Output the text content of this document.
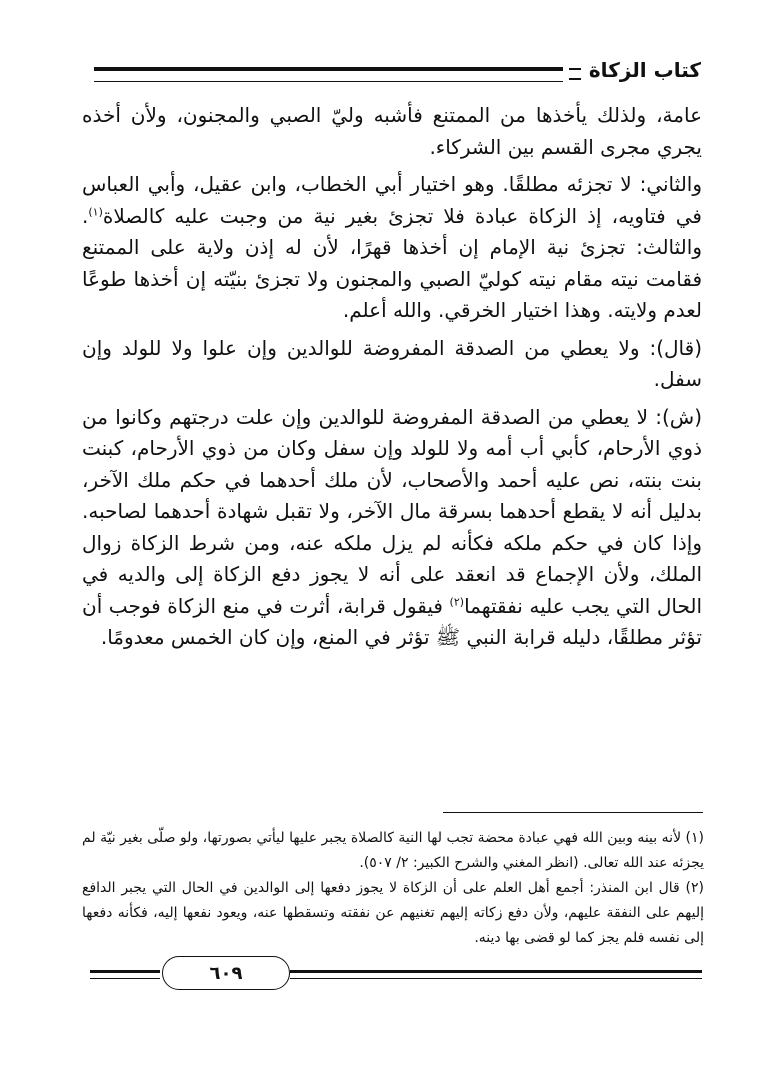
كتاب الزكاة

عامة، ولذلك يأخذها من الممتنع فأشبه وليّ الصبي والمجنون، ولأن أخذه يجري مجرى القسم بين الشركاء.

والثاني: لا تجزئه مطلقًا. وهو اختيار أبي الخطاب، وابن عقيل، وأبي العباس في فتاويه، إذ الزكاة عبادة فلا تجزئ بغير نية من وجبت عليه كالصلاة$^{(١)}$. والثالث: تجزئ نية الإمام إن أخذها قهرًا، لأن له إذن ولاية على الممتنع فقامت نيته مقام نيته كوليّ الصبي والمجنون ولا تجزئ بنيّته إن أخذها طوعًا لعدم ولايته. وهذا اختيار الخرقي. والله أعلم.

(قال): ولا يعطي من الصدقة المفروضة للوالدين وإن علوا ولا للولد وإن سفل.

(ش): لا يعطي من الصدقة المفروضة للوالدين وإن علت درجتهم وكانوا من ذوي الأرحام، كأبي أب أمه ولا للولد وإن سفل وكان من ذوي الأرحام، كبنت بنت بنته، نص عليه أحمد والأصحاب، لأن ملك أحدهما في حكم ملك الآخر، بدليل أنه لا يقطع أحدهما بسرقة مال الآخر، ولا تقبل شهادة أحدهما لصاحبه. وإذا كان في حكم ملكه فكأنه لم يزل ملكه عنه، ومن شرط الزكاة زوال الملك، ولأن الإجماع قد انعقد على أنه لا يجوز دفع الزكاة إلى والديه في الحال التي يجب عليه نفقتهما$^{(٢)}$ فيقول قرابة، أثرت في منع الزكاة فوجب أن تؤثر مطلقًا، دليله قرابة النبي ﷺ تؤثر في المنع، وإن كان الخمس معدومًا.

(١) لأنه بينه وبين الله فهي عبادة محضة تجب لها النية كالصلاة يجبر عليها ليأتي بصورتها، ولو صلّى بغير نيّة لم يجزئه عند الله تعالى. (انظر المغني والشرح الكبير: ٢/ ٥٠٧).

(٢) قال ابن المنذر: أجمع أهل العلم على أن الزكاة لا يجوز دفعها إلى الوالدين في الحال التي يجبر الدافع إليهم على النفقة عليهم، ولأن دفع زكاته إليهم تغنيهم عن نفقته وتسقطها عنه، ويعود نفعها إليه، فكأنه دفعها إلى نفسه فلم يجز كما لو قضى بها دينه.

٦٠٩
